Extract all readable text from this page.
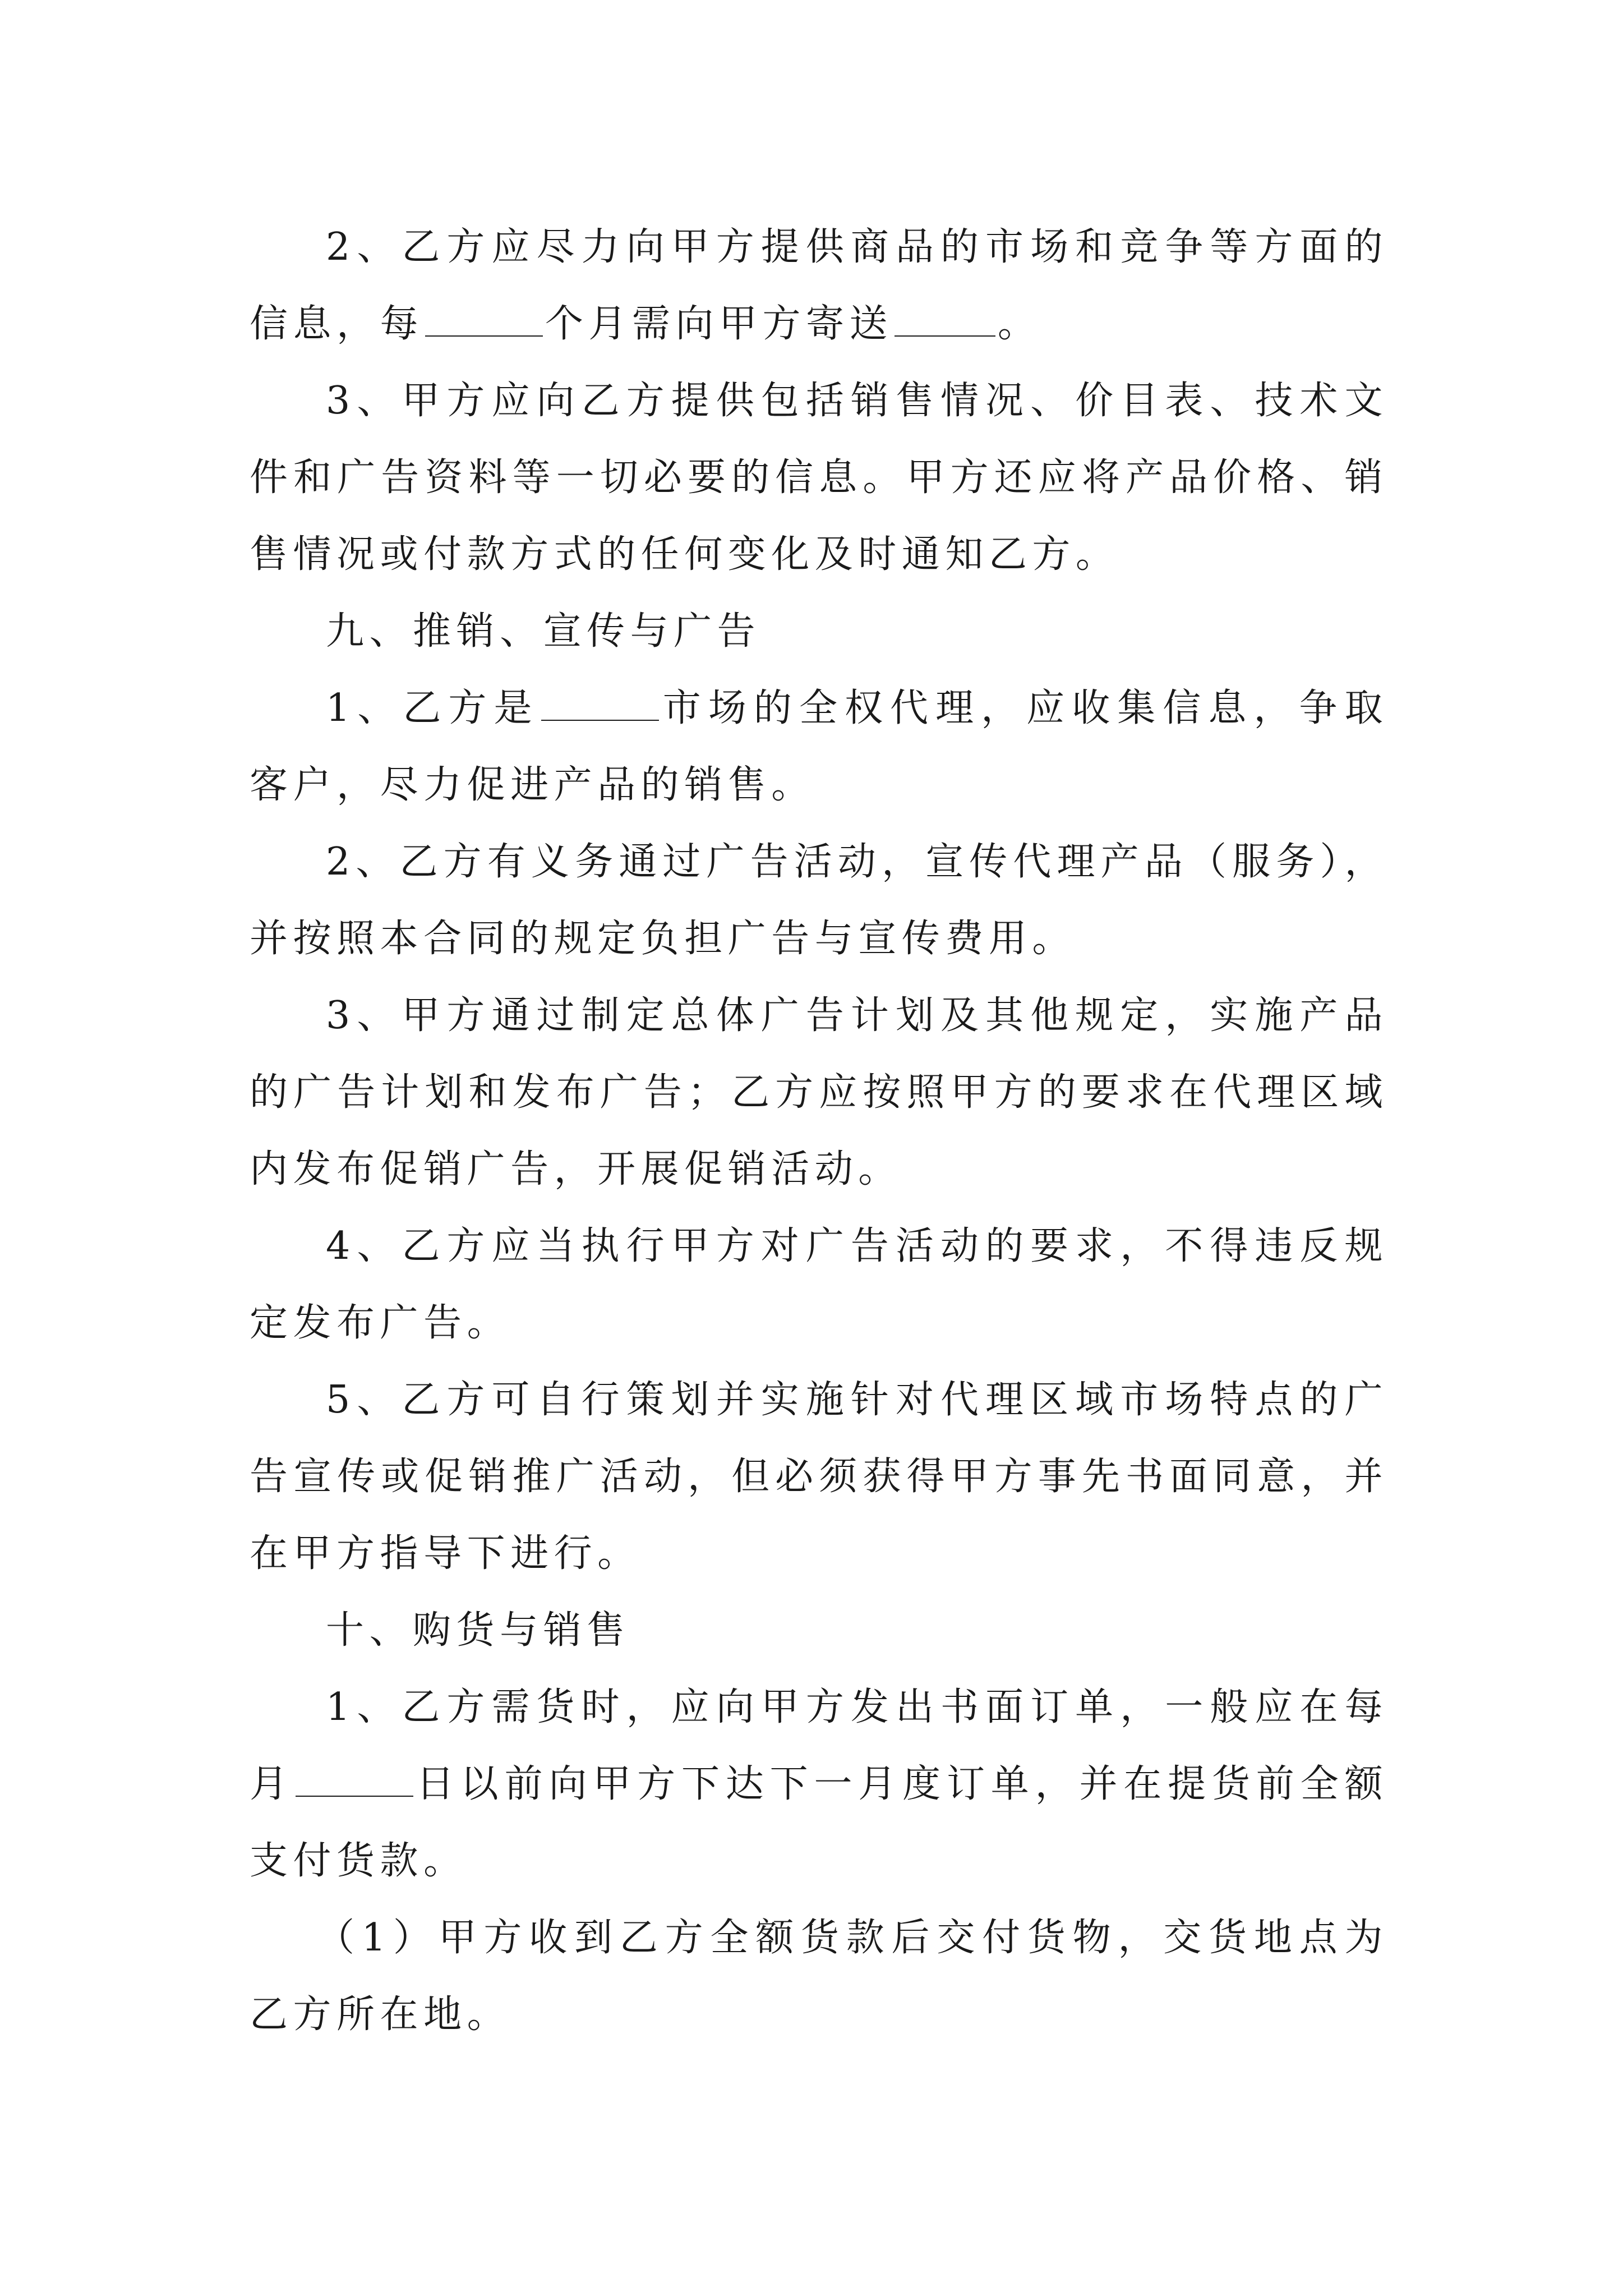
2、乙方应尽力向甲方提供商品的市场和竞争等方面的信息，每	个月需向甲方寄送	。

3、甲方应向乙方提供包括销售情况、价目表、技术文件和广告资料等一切必要的信息。甲方还应将产品价格、销售情况或付款方式的任何变化及时通知乙方。

九、推销、宣传与广告

1、乙方是	市场的全权代理，应收集信息，争取客户，尽力促进产品的销售。

2、乙方有义务通过广告活动，宣传代理产品（服务），并按照本合同的规定负担广告与宣传费用。

3、甲方通过制定总体广告计划及其他规定，实施产品的广告计划和发布广告；乙方应按照甲方的要求在代理区域内发布促销广告，开展促销活动。

4、乙方应当执行甲方对广告活动的要求，不得违反规定发布广告。

5、乙方可自行策划并实施针对代理区域市场特点的广告宣传或促销推广活动，但必须获得甲方事先书面同意，并在甲方指导下进行。

十、购货与销售

1、乙方需货时，应向甲方发出书面订单，一般应在每月	日以前向甲方下达下一月度订单，并在提货前全额支付货款。

（1）甲方收到乙方全额货款后交付货物，交货地点为乙方所在地。
